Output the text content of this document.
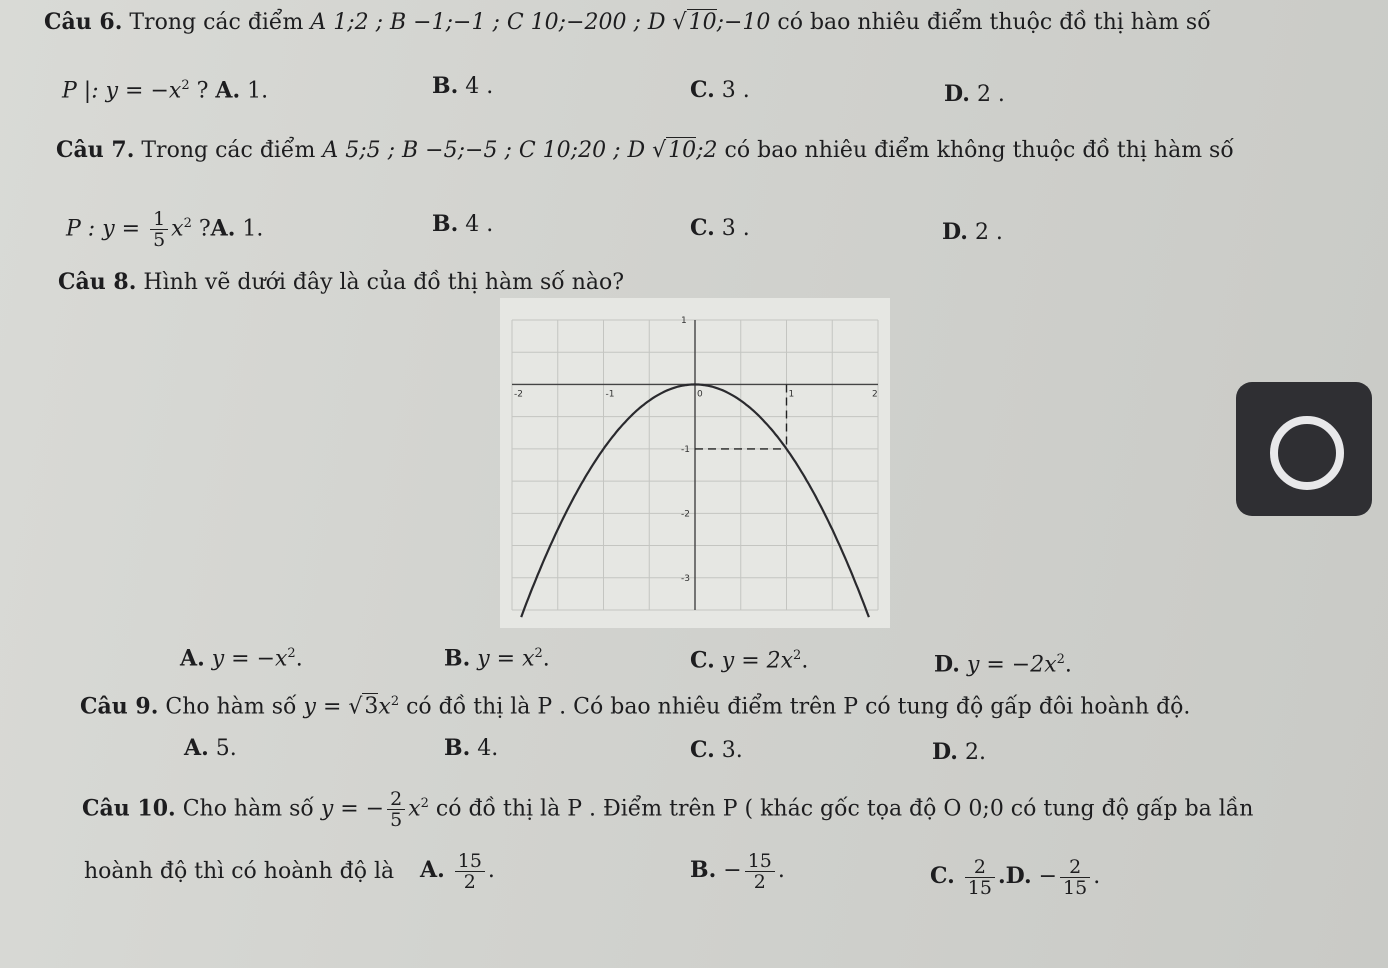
Câu 6. Trong các điểm A 1;2 ; B −1;−1 ; C 10;−200 ; D √10;−10 có bao nhiêu điểm thuộc đồ thị hàm số
P |: $y = -x^2$ ? A. 1.	B. 4 .	C. 3 .	D. 2 .
Câu 7. Trong các điểm A 5;5 ; B −5;−5 ; C 10;20 ; D √10;2 có bao nhiêu điểm không thuộc đồ thị hàm số
P : $y = \frac{1}{5} x^2$ ?A. 1.	B. 4 .	C. 3 .	D. 2 .
Câu 8. Hình vẽ dưới đây là của đồ thị hàm số nào?
-2	-1	0	1	2
1
-1
-2
-3
A. $y = -x^2$.	B. $y = x^2$.	C. $y = 2x^2$.	D. $y = -2x^2$.
Câu 9. Cho hàm số $y = √3x^2$ có đồ thị là P . Có bao nhiêu điểm trên P có tung độ gấp đôi hoành độ.
A. 5.	B. 4.	C. 3.	D. 2.
Câu 10. Cho hàm số y = − $\frac{2}{5} x^2$ có đồ thị là P . Điểm trên P ( khác gốc tọa độ O 0;0 có tung độ gấp ba lần
hoành độ thì có hoành độ là A. $\frac{15}{2}$ .	B. − $\frac{15}{2}$ .	C. $\frac{2}{15} .D$. − $\frac{2}{15}$ .
